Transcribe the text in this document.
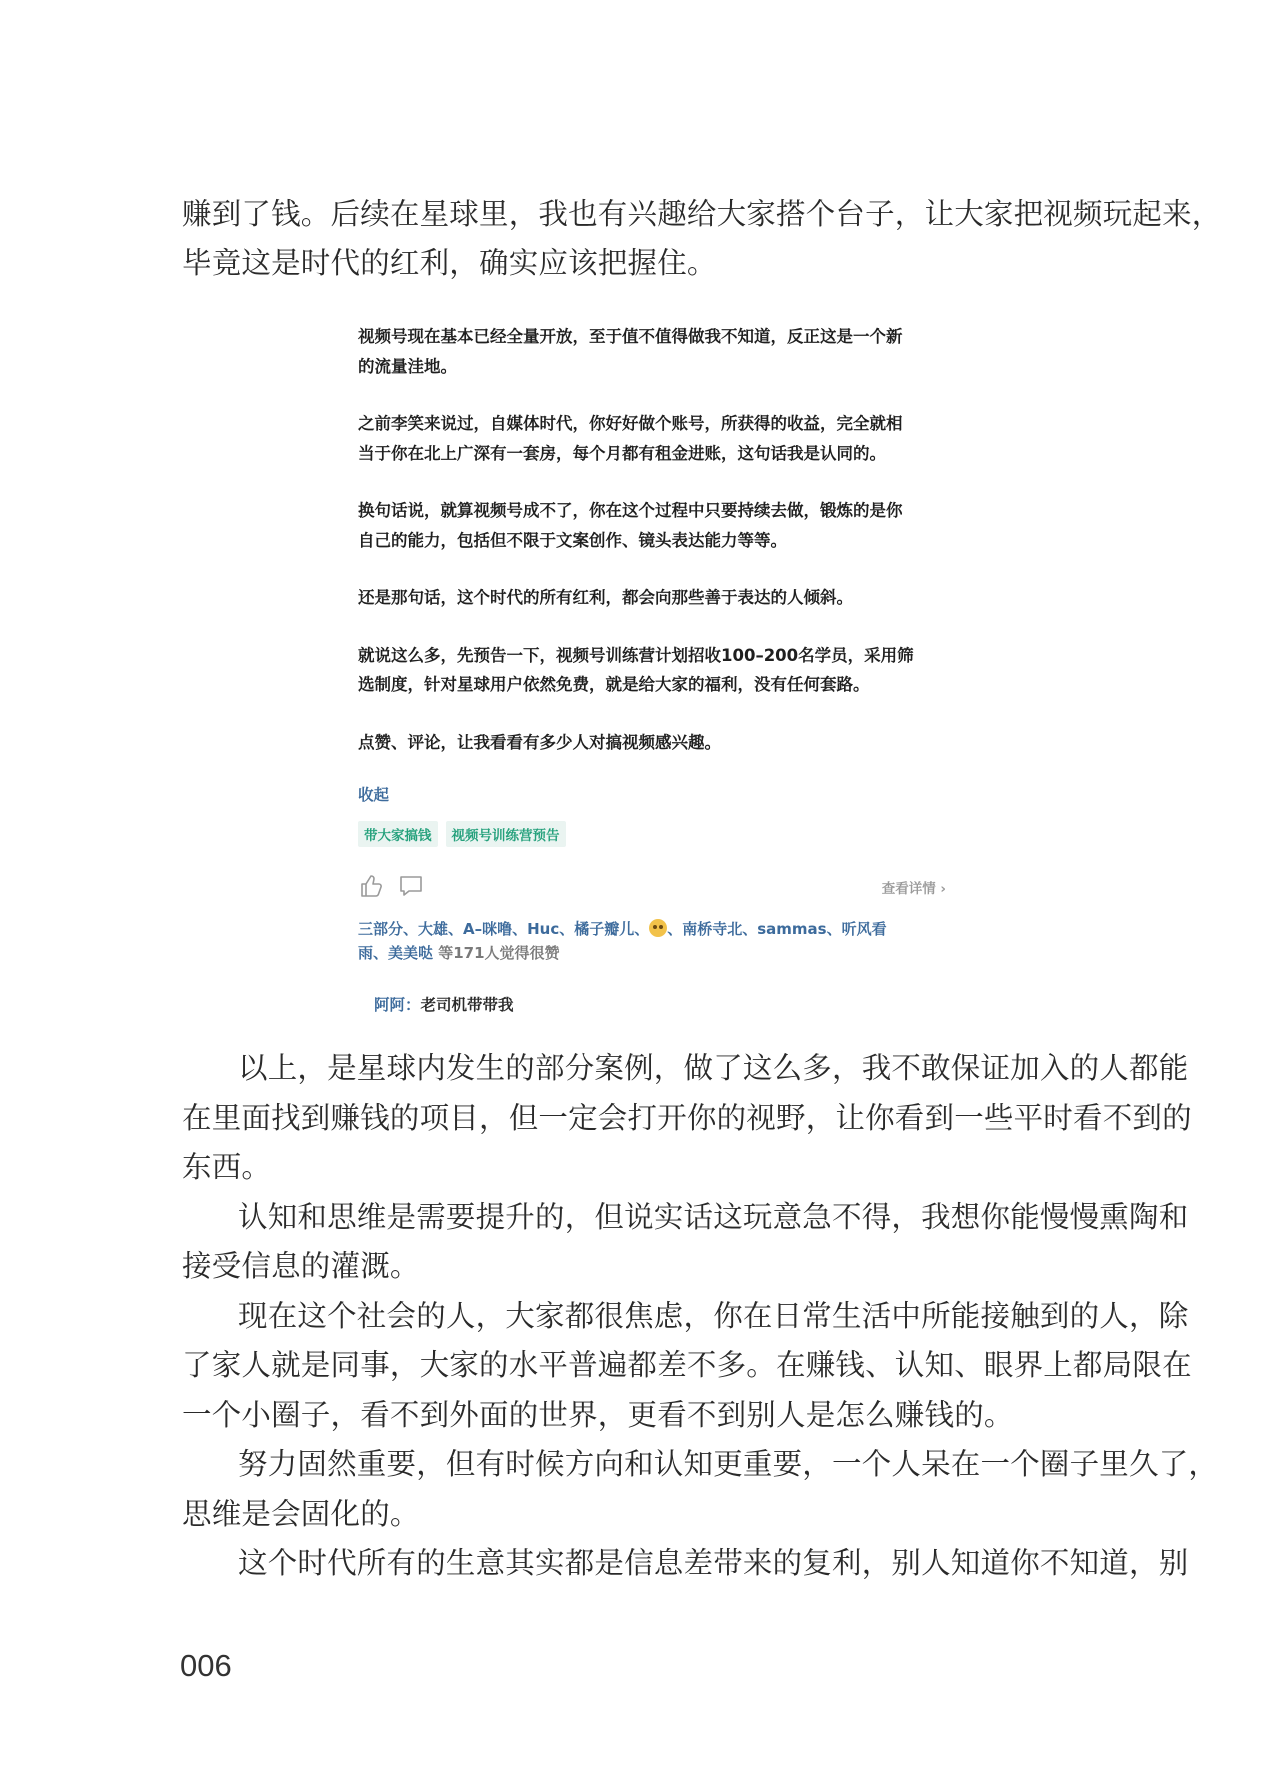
赚到了钱。后续在星球里，我也有兴趣给大家搭个台子，让大家把视频玩起来，

毕竟这是时代的红利，确实应该把握住。

视频号现在基本已经全量开放，至于值不值得做我不知道，反正这是一个新
的流量洼地。
之前李笑来说过，自媒体时代，你好好做个账号，所获得的收益，完全就相
当于你在北上广深有一套房，每个月都有租金进账，这句话我是认同的。
换句话说，就算视频号成不了，你在这个过程中只要持续去做，锻炼的是你
自己的能力，包括但不限于文案创作、镜头表达能力等等。
还是那句话，这个时代的所有红利，都会向那些善于表达的人倾斜。
就说这么多，先预告一下，视频号训练营计划招收100–200名学员，采用筛
选制度，针对星球用户依然免费，就是给大家的福利，没有任何套路。
点赞、评论，让我看看有多少人对搞视频感兴趣。
收起
带大家搞钱	视频号训练营预告
查看详情 ›
三部分、大雄、A–咪噜、Huc、橘子瓣儿、 、南桥寺北、sammas、听风看
雨、美美哒 等171人觉得很赞
阿阿：老司机带带我

以上，是星球内发生的部分案例，做了这么多，我不敢保证加入的人都能
在里面找到赚钱的项目，但一定会打开你的视野，让你看到一些平时看不到的
东西。

认知和思维是需要提升的，但说实话这玩意急不得，我想你能慢慢熏陶和
接受信息的灌溉。

现在这个社会的人，大家都很焦虑，你在日常生活中所能接触到的人，除
了家人就是同事，大家的水平普遍都差不多。在赚钱、认知、眼界上都局限在
一个小圈子，看不到外面的世界，更看不到别人是怎么赚钱的。

努力固然重要，但有时候方向和认知更重要，一个人呆在一个圈子里久了，
思维是会固化的。

这个时代所有的生意其实都是信息差带来的复利，别人知道你不知道，别

006
